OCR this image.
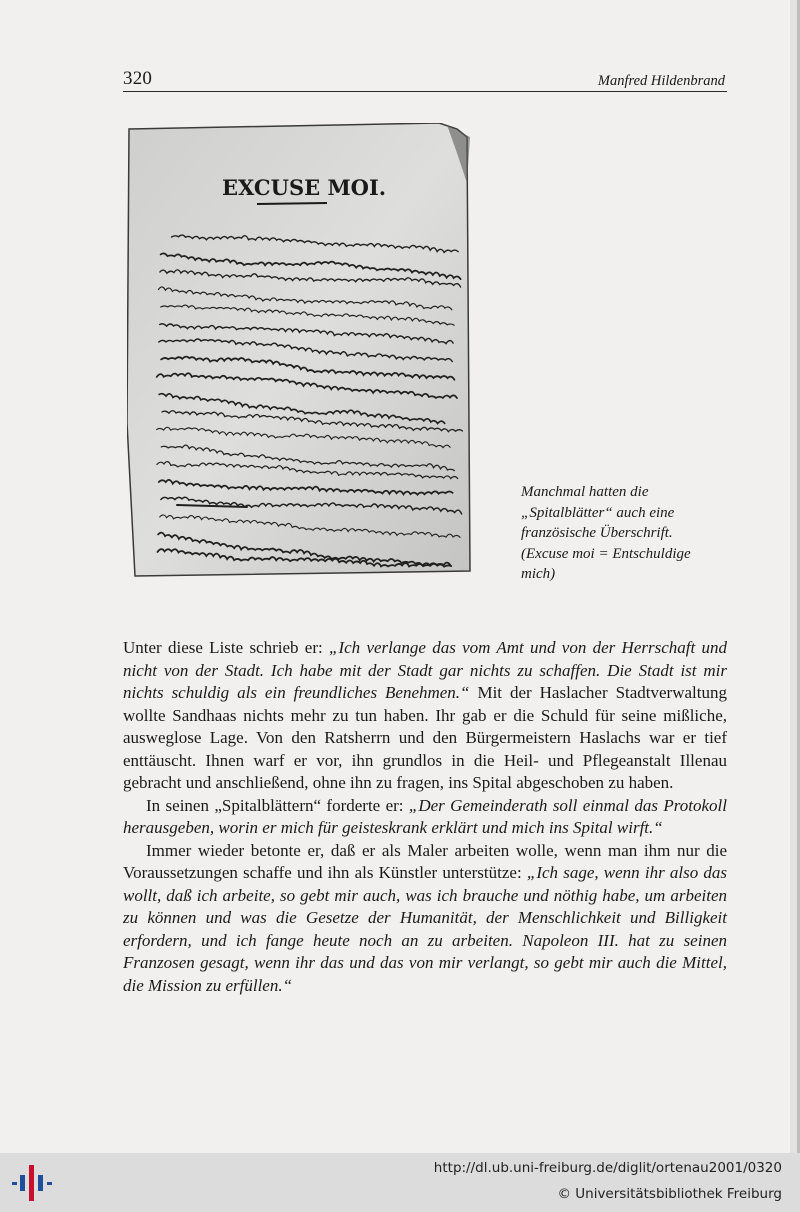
320	Manfred Hildenbrand
EXCUSE MOI.
Manchmal hatten die
„Spitalblätter“ auch eine
französische Überschrift.
(Excuse moi = Entschuldige
mich)

Unter diese Liste schrieb er: „Ich verlange das vom Amt und von der Herrschaft und nicht von der Stadt. Ich habe mit der Stadt gar nichts zu schaffen. Die Stadt ist mir nichts schuldig als ein freundliches Benehmen.“ Mit der Haslacher Stadtverwaltung wollte Sandhaas nichts mehr zu tun haben. Ihr gab er die Schuld für seine mißliche, ausweglose Lage. Von den Ratsherrn und den Bürgermeistern Haslachs war er tief enttäuscht. Ihnen warf er vor, ihn grundlos in die Heil- und Pflegeanstalt Illenau gebracht und anschließend, ohne ihn zu fragen, ins Spital abgeschoben zu haben.

In seinen „Spitalblättern“ forderte er: „Der Gemeinderath soll einmal das Protokoll herausgeben, worin er mich für geisteskrank erklärt und mich ins Spital wirft.“

Immer wieder betonte er, daß er als Maler arbeiten wolle, wenn man ihm nur die Voraussetzungen schaffe und ihn als Künstler unterstütze: „Ich sage, wenn ihr also das wollt, daß ich arbeite, so gebt mir auch, was ich brauche und nöthig habe, um arbeiten zu können und was die Gesetze der Humanität, der Menschlichkeit und Billigkeit erfordern, und ich fange heute noch an zu arbeiten. Napoleon III. hat zu seinen Franzosen gesagt, wenn ihr das und das von mir verlangt, so gebt mir auch die Mittel, die Mission zu erfüllen.“

http://dl.ub.uni-freiburg.de/diglit/ortenau2001/0320
© Universitätsbibliothek Freiburg
